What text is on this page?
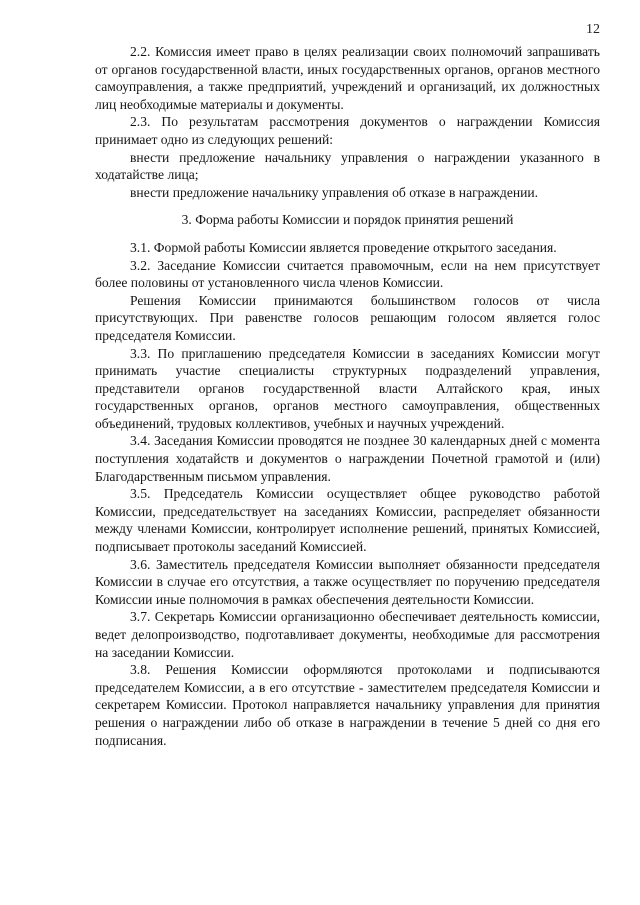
12

2.2. Комиссия имеет право в целях реализации своих полномочий запрашивать от органов государственной власти, иных государственных органов, органов местного самоуправления, а также предприятий, учреждений и организаций, их должностных лиц необходимые материалы и документы.

2.3. По результатам рассмотрения документов о награждении Комиссия принимает одно из следующих решений:

внести предложение начальнику управления о награждении указанного в ходатайстве лица;

внести предложение начальнику управления об отказе в награждении.

3. Форма работы Комиссии и порядок принятия решений

3.1. Формой работы Комиссии является проведение открытого заседания.

3.2. Заседание Комиссии считается правомочным, если на нем присутствует более половины от установленного числа членов Комиссии.

Решения Комиссии принимаются большинством голосов от числа присутствующих. При равенстве голосов решающим голосом является голос председателя Комиссии.

3.3. По приглашению председателя Комиссии в заседаниях Комиссии могут принимать участие специалисты структурных подразделений управления, представители органов государственной власти Алтайского края, иных государственных органов, органов местного самоуправления, общественных объединений, трудовых коллективов, учебных и научных учреждений.

3.4. Заседания Комиссии проводятся не позднее 30 календарных дней с момента поступления ходатайств и документов о награждении Почетной грамотой и (или) Благодарственным письмом управления.

3.5. Председатель Комиссии осуществляет общее руководство работой Комиссии, председательствует на заседаниях Комиссии, распределяет обязанности между членами Комиссии, контролирует исполнение решений, принятых Комиссией, подписывает протоколы заседаний Комиссией.

3.6. Заместитель председателя Комиссии выполняет обязанности председателя Комиссии в случае его отсутствия, а также осуществляет по поручению председателя Комиссии иные полномочия в рамках обеспечения деятельности Комиссии.

3.7. Секретарь Комиссии организационно обеспечивает деятельность комиссии, ведет делопроизводство, подготавливает документы, необходимые для рассмотрения на заседании Комиссии.

3.8. Решения Комиссии оформляются протоколами и подписываются председателем Комиссии, а в его отсутствие - заместителем председателя Комиссии и секретарем Комиссии. Протокол направляется начальнику управления для принятия решения о награждении либо об отказе в награждении в течение 5 дней со дня его подписания.
